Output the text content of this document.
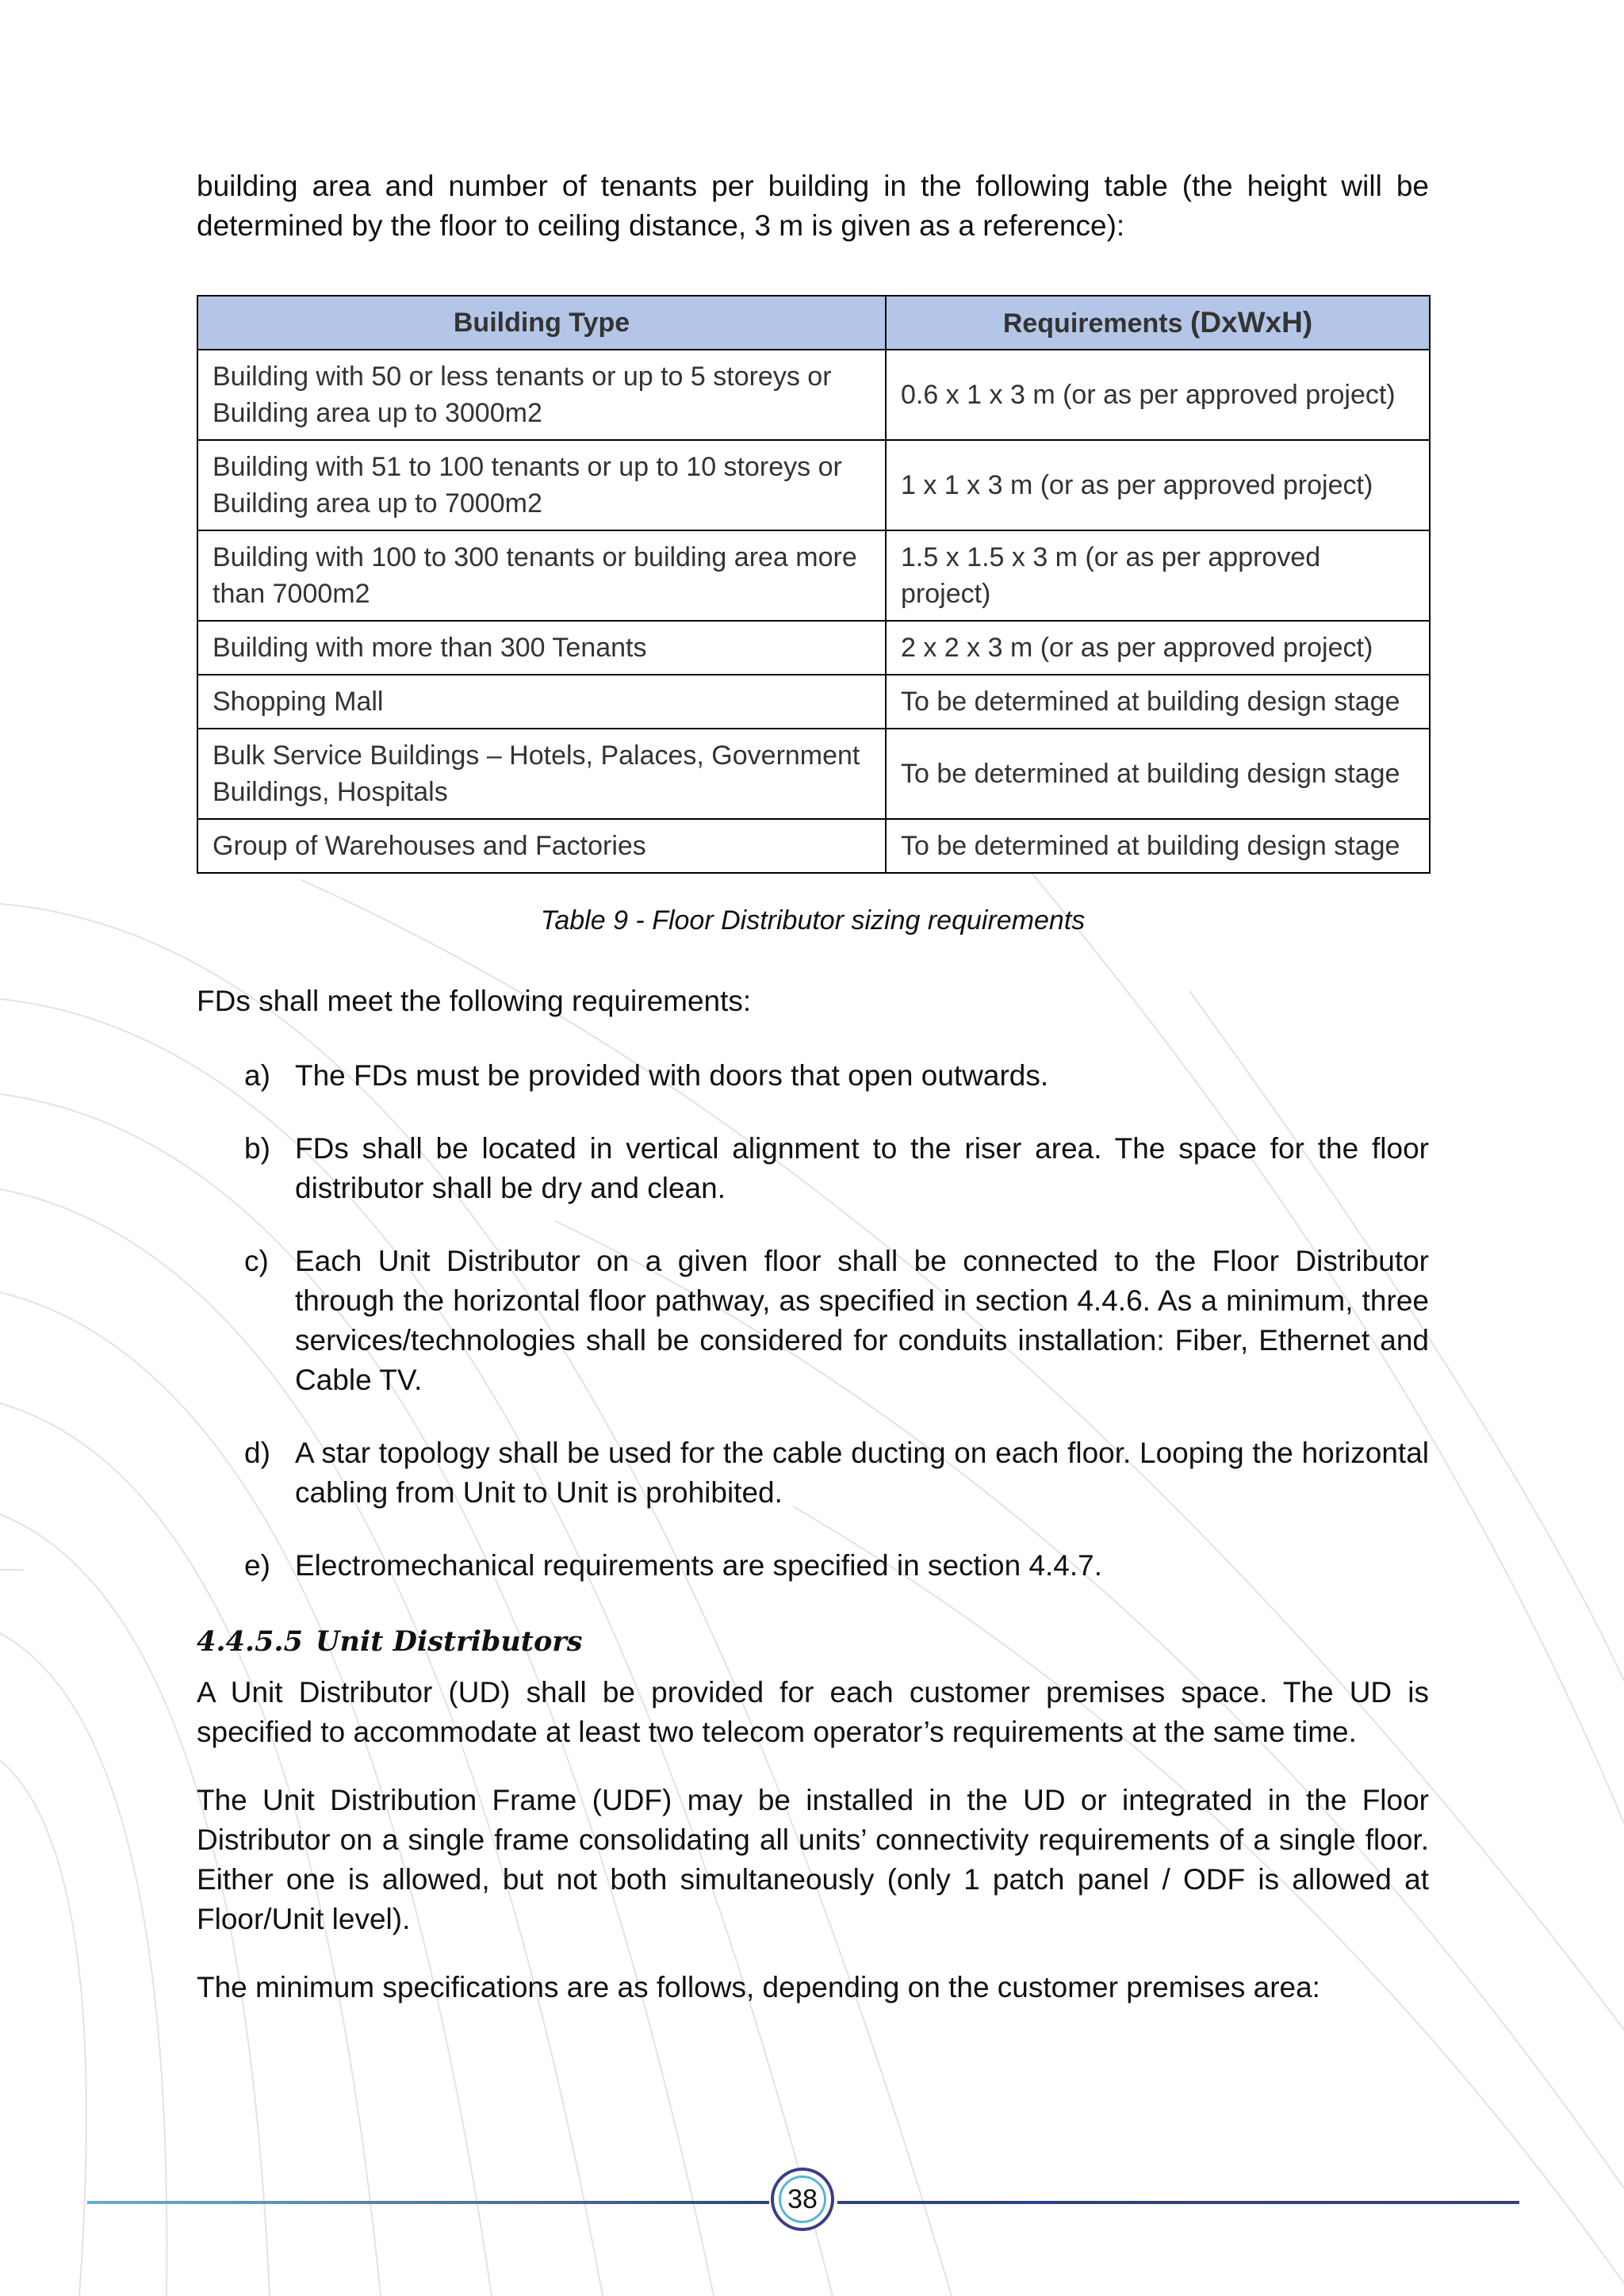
building area and number of tenants per building in the following table (the height will be determined by the floor to ceiling distance, 3 m is given as a reference):

Building Type	Requirements (DxWxH)
Building with 50 or less tenants or up to 5 storeys or Building area up to 3000m2	0.6 x 1 x 3 m (or as per approved project)
Building with 51 to 100 tenants or up to 10 storeys or Building area up to 7000m2	1 x 1 x 3 m (or as per approved project)
Building with 100 to 300 tenants or building area more than 7000m2	1.5 x 1.5 x 3 m (or as per approved project)
Building with more than 300 Tenants	2 x 2 x 3 m (or as per approved project)
Shopping Mall	To be determined at building design stage
Bulk Service Buildings – Hotels, Palaces, Government Buildings, Hospitals	To be determined at building design stage
Group of Warehouses and Factories	To be determined at building design stage

Table 9 - Floor Distributor sizing requirements

FDs shall meet the following requirements:

a) The FDs must be provided with doors that open outwards.
b) FDs shall be located in vertical alignment to the riser area. The space for the floor distributor shall be dry and clean.
c) Each Unit Distributor on a given floor shall be connected to the Floor Distributor through the horizontal floor pathway, as specified in section 4.4.6. As a minimum, three services/technologies shall be considered for conduits installation: Fiber, Ethernet and Cable TV.
d) A star topology shall be used for the cable ducting on each floor. Looping the horizontal cabling from Unit to Unit is prohibited.
e) Electromechanical requirements are specified in section 4.4.7.
4.4.5.5 Unit Distributors

A Unit Distributor (UD) shall be provided for each customer premises space. The UD is specified to accommodate at least two telecom operator’s requirements at the same time.

The Unit Distribution Frame (UDF) may be installed in the UD or integrated in the Floor Distributor on a single frame consolidating all units’ connectivity requirements of a single floor. Either one is allowed, but not both simultaneously (only 1 patch panel / ODF is allowed at Floor/Unit level).

The minimum specifications are as follows, depending on the customer premises area:

38
